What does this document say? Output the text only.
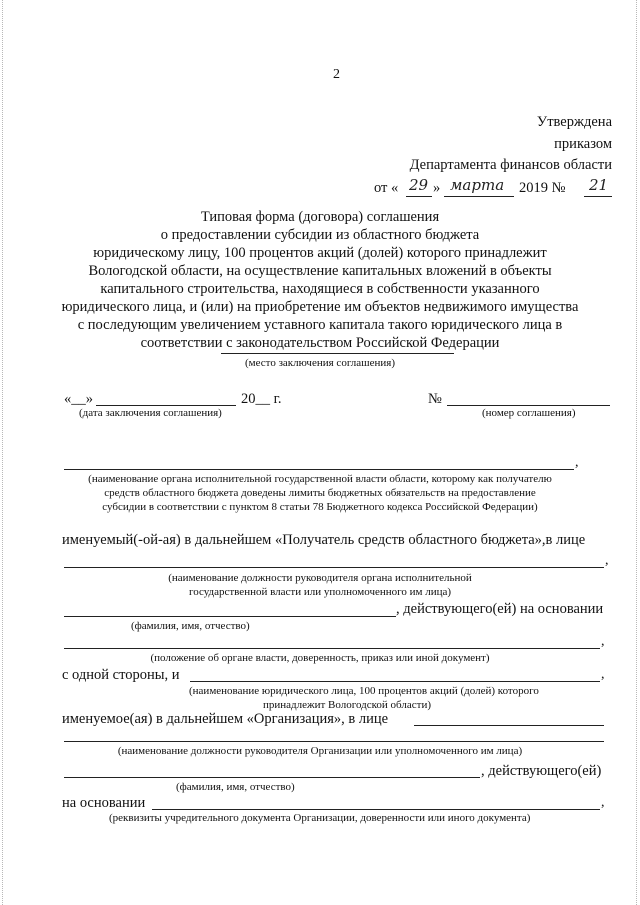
2
Утверждена
приказом
Департамента финансов области
от « 29 » марта 2019 № 21
Типовая форма (договора) соглашения
о предоставлении субсидии из областного бюджета
юридическому лицу, 100 процентов акций (долей) которого принадлежит
Вологодской области, на осуществление капитальных вложений в объекты
капитального строительства, находящиеся в собственности указанного
юридического лица, и (или) на приобретение им объектов недвижимого имущества
с последующим увеличением уставного капитала такого юридического лица в
соответствии с законодательством Российской Федерации
(место заключения соглашения)
«__»	20__ г.	№
(дата заключения соглашения)	(номер соглашения)
,
(наименование органа исполнительной государственной власти области, которому как получателю
средств областного бюджета доведены лимиты бюджетных обязательств на предоставление
субсидии в соответствии с пунктом 8 статьи 78 Бюджетного кодекса Российской Федерации)
именуемый(-ой-ая) в дальнейшем «Получатель средств областного бюджета»,в лице
,
(наименование должности руководителя органа исполнительной
государственной власти или уполномоченного им лица)
, действующего(ей) на основании
(фамилия, имя, отчество)
,
(положение об органе власти, доверенность, приказ или иной документ)
с одной стороны, и	,
(наименование юридического лица, 100 процентов акций (долей) которого
принадлежит Вологодской области)
именуемое(ая) в дальнейшем «Организация», в лице
(наименование должности руководителя Организации или уполномоченного им лица)
, действующего(ей)
(фамилия, имя, отчество)
на основании	,
(реквизиты учредительного документа Организации, доверенности или иного документа)
